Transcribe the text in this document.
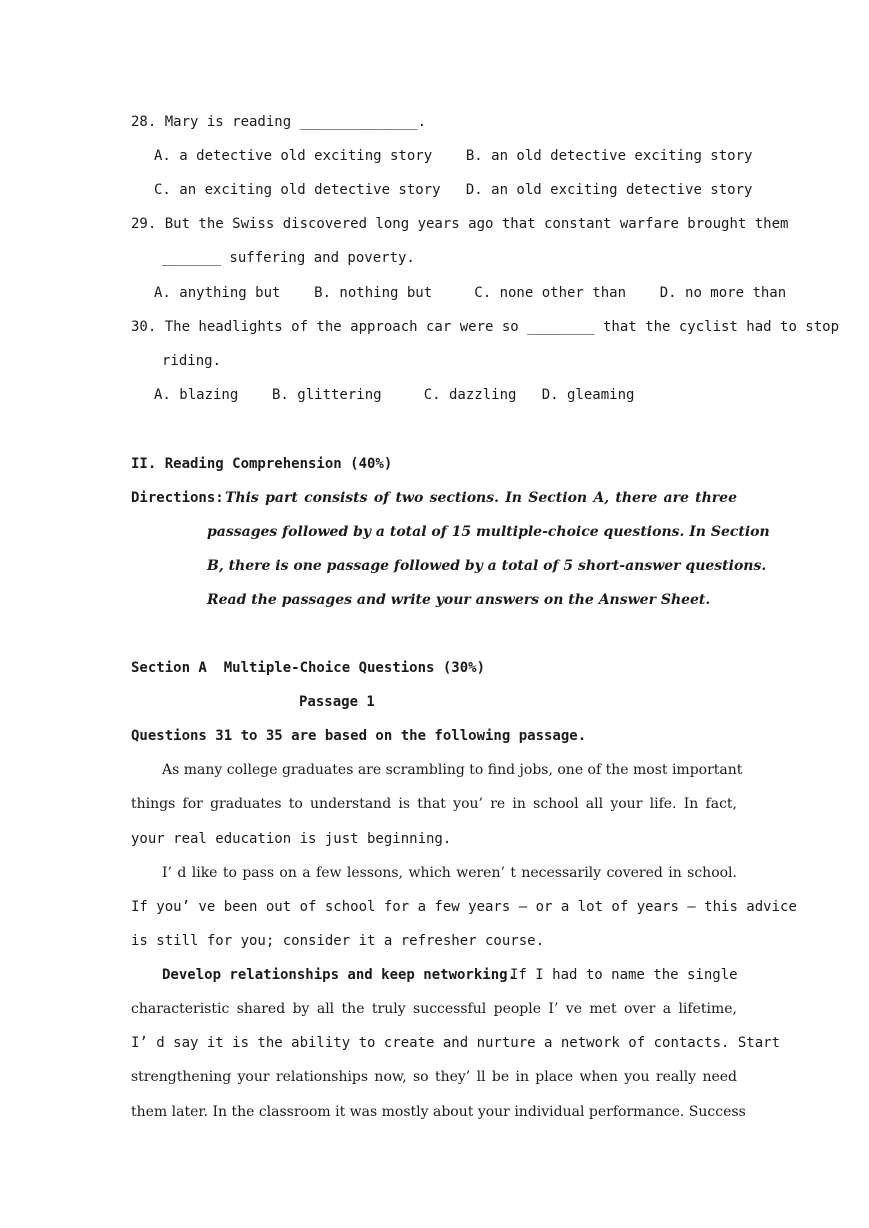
28. Mary is reading ______________.
A. a detective old exciting story    B. an old detective exciting story
C. an exciting old detective story   D. an old exciting detective story
29. But the Swiss discovered long years ago that constant warfare brought them
_______ suffering and poverty.
A. anything but    B. nothing but     C. none other than    D. no more than
30. The headlights of the approach car were so ________ that the cyclist had to stop
riding.
A. blazing    B. glittering     C. dazzling   D. gleaming
II. Reading Comprehension (40%)
Directions: This part consists of two sections. In Section A, there are three
passages followed by a total of 15 multiple-choice questions. In Section
B, there is one passage followed by a total of 5 short-answer questions.
Read the passages and write your answers on the Answer Sheet.
Section A  Multiple-Choice Questions (30%)
Passage 1
Questions 31 to 35 are based on the following passage.
As many college graduates are scrambling to find jobs, one of the most important
things for graduates to understand is that you’ re in school all your life. In fact,
your real education is just beginning.
I’ d like to pass on a few lessons, which weren’ t necessarily covered in school.
If you’ ve been out of school for a few years — or a lot of years — this advice
is still for you; consider it a refresher course.
Develop relationships and keep networking.
If I had to name the single
characteristic shared by all the truly successful people I’ ve met over a lifetime,
I’ d say it is the ability to create and nurture a network of contacts. Start
strengthening your relationships now, so they’ ll be in place when you really need
them later. In the classroom it was mostly about your individual performance. Success
